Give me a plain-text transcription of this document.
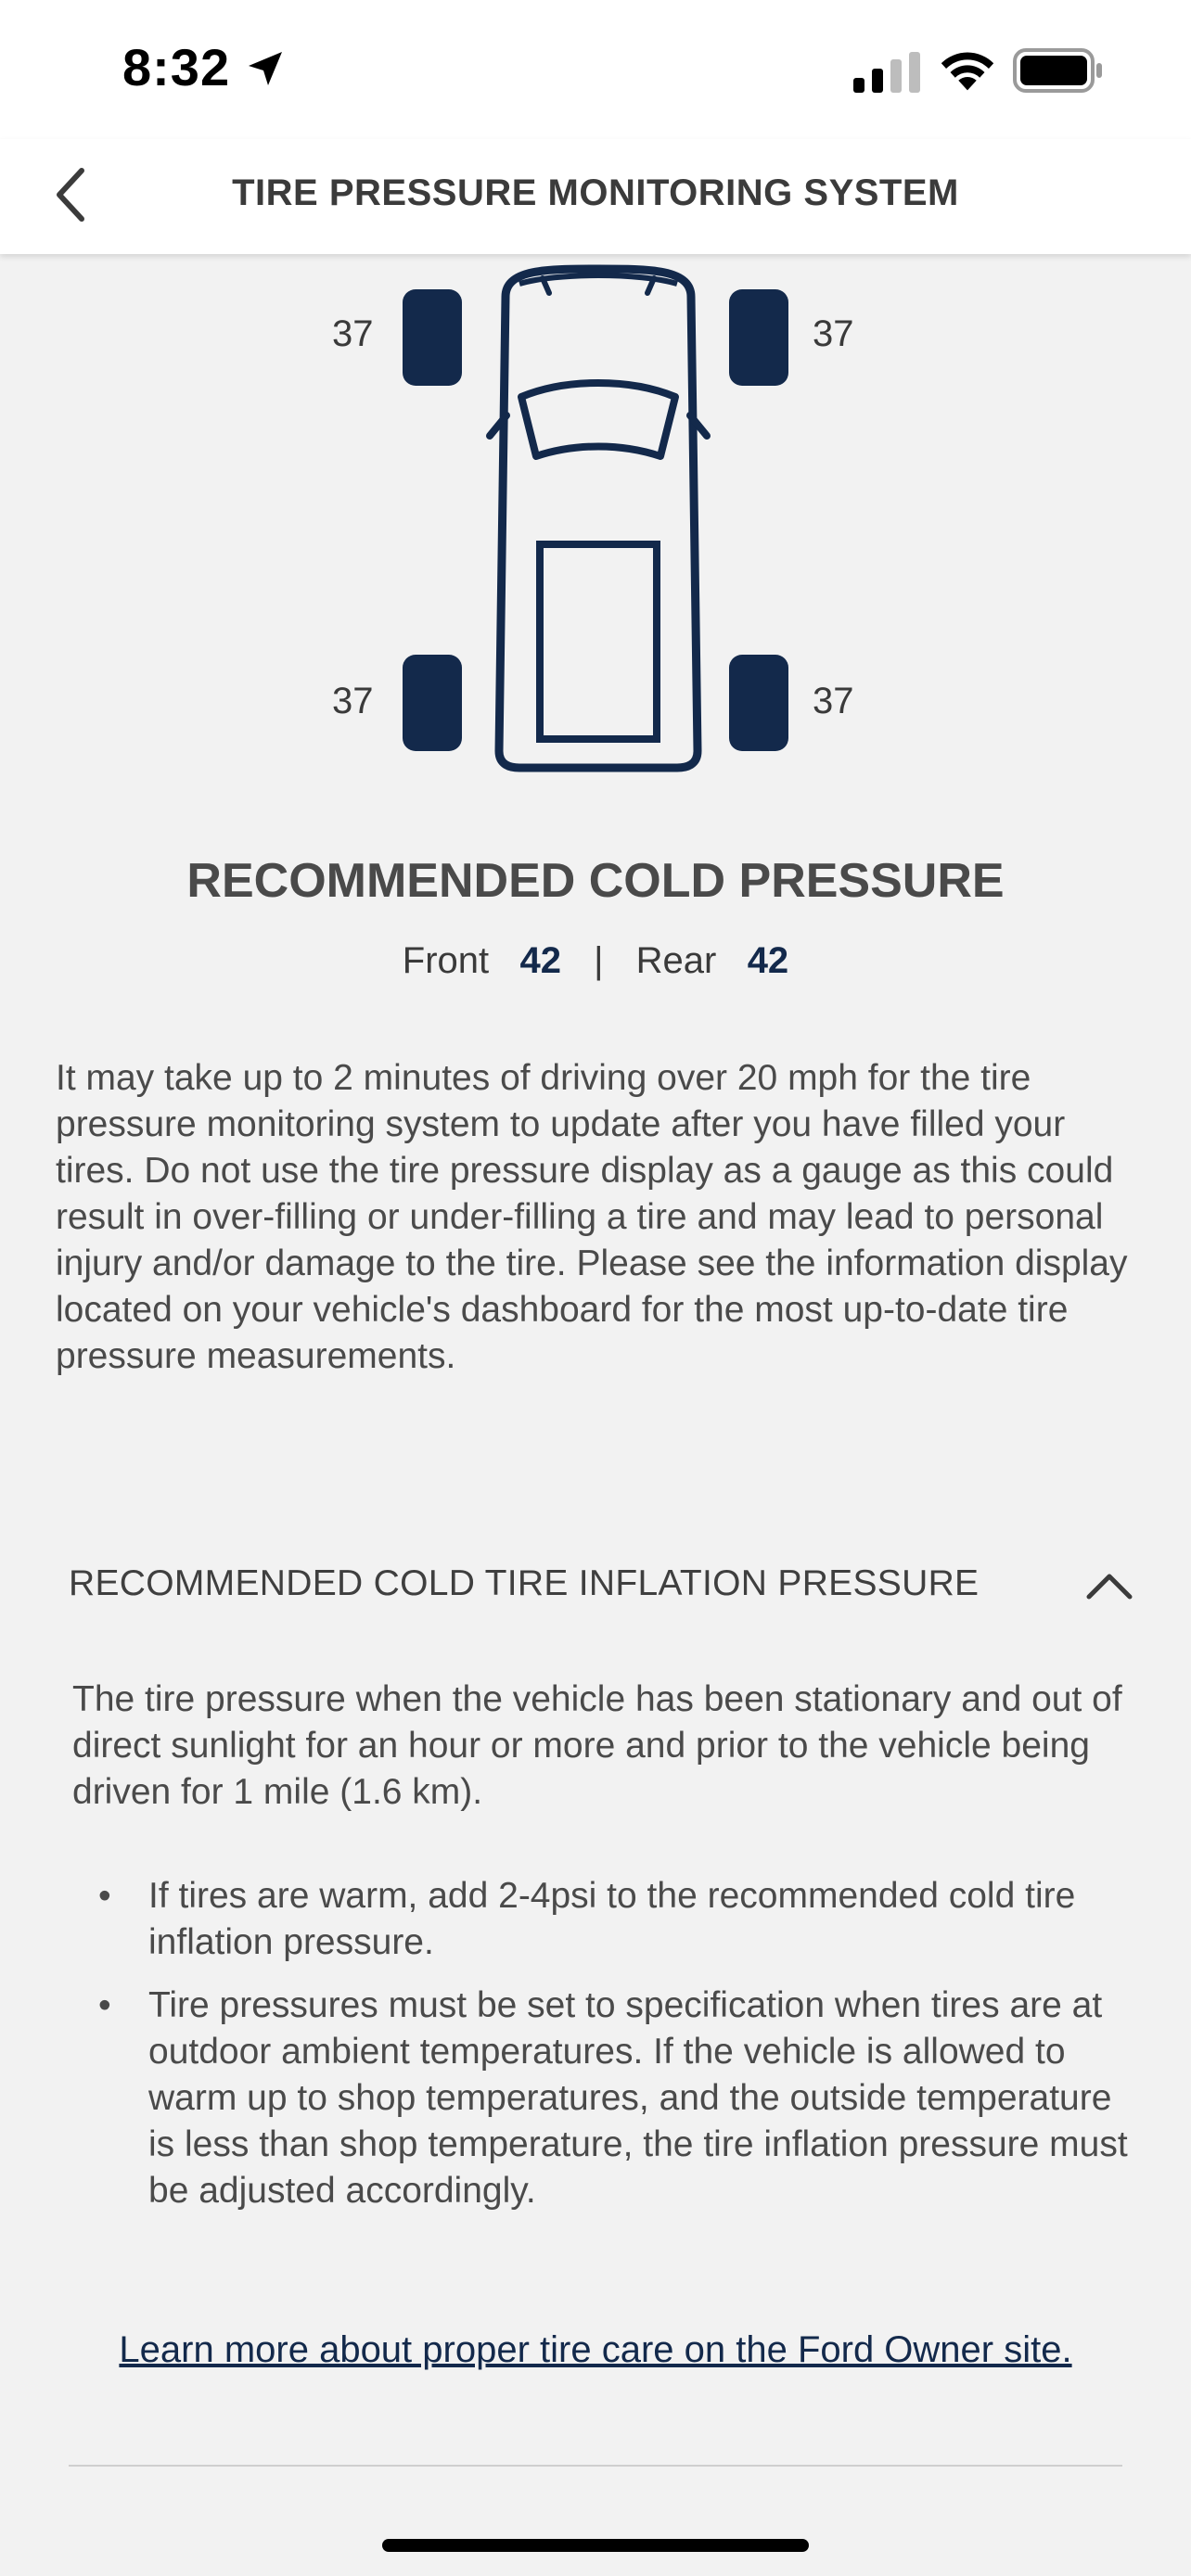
8:32
TIRE PRESSURE MONITORING SYSTEM
37	37
37	37
RECOMMENDED COLD PRESSURE
Front 42 | Rear 42

It may take up to 2 minutes of driving over 20 mph for the tire pressure monitoring system to update after you have filled your tires. Do not use the tire pressure display as a gauge as this could result in over-filling or under-filling a tire and may lead to personal injury and/or damage to the tire. Please see the information display located on your vehicle's dashboard for the most up-to-date tire pressure measurements.

RECOMMENDED COLD TIRE INFLATION PRESSURE

The tire pressure when the vehicle has been stationary and out of direct sunlight for an hour or more and prior to the vehicle being driven for 1 mile (1.6 km).

• If tires are warm, add 2-4psi to the recommended cold tire inflation pressure.
• Tire pressures must be set to specification when tires are at outdoor ambient temperatures. If the vehicle is allowed to warm up to shop temperatures, and the outside temperature is less than shop temperature, the tire inflation pressure must be adjusted accordingly.
Learn more about proper tire care on the Ford Owner site.
